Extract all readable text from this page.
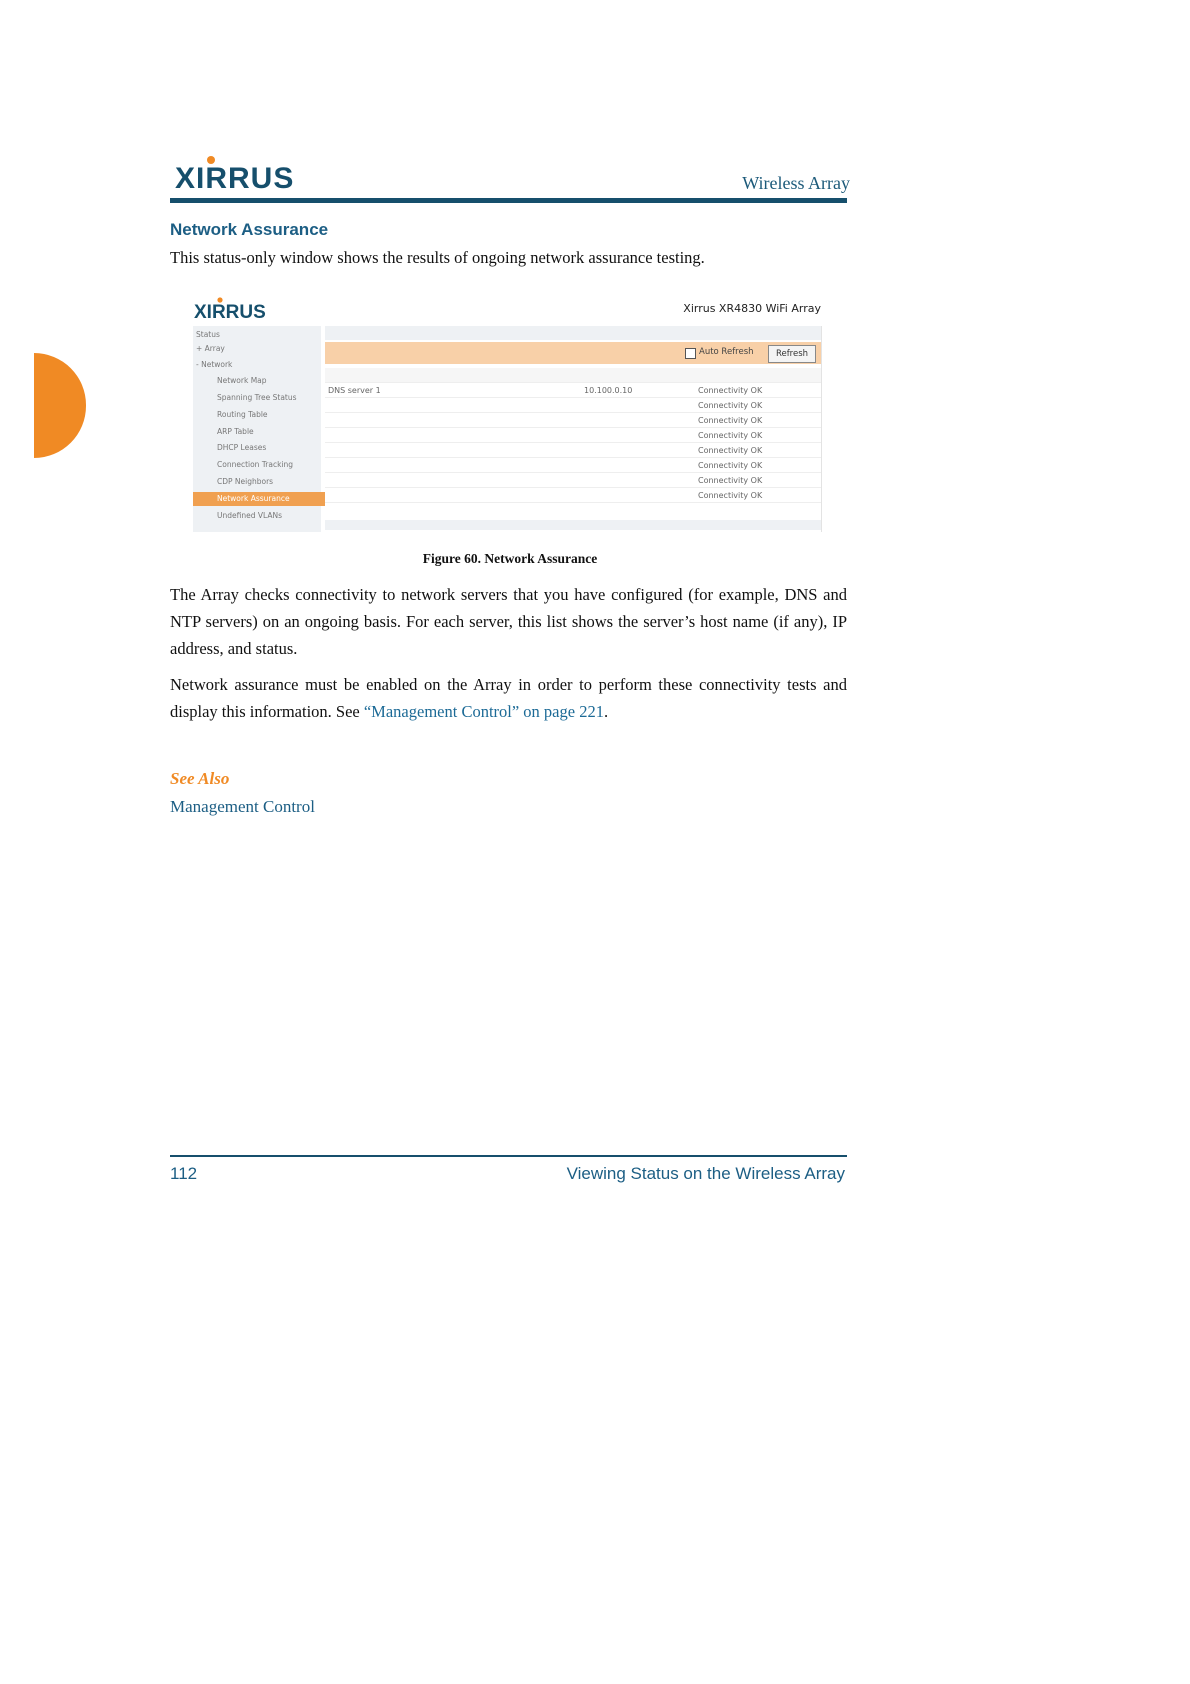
XIRRUS	Wireless Array
Network Assurance
This status-only window shows the results of ongoing network assurance testing.
XIRRUS	Xirrus XR4830 WiFi Array
Status
+ Array
- Network
Network Map
Spanning Tree Status
Routing Table
ARP Table
DHCP Leases
Connection Tracking
CDP Neighbors
Network Assurance
Undefined VLANs
Auto Refresh	Refresh

DNS server 1		10.100.0.10	Connectivity OK
			Connectivity OK
			Connectivity OK
			Connectivity OK
			Connectivity OK
			Connectivity OK
			Connectivity OK
			Connectivity OK
Figure 60. Network Assurance
The Array checks connectivity to network servers that you have configured (for example, DNS and NTP servers) on an ongoing basis. For each server, this list shows the server’s host name (if any), IP address, and status.
Network assurance must be enabled on the Array in order to perform these connectivity tests and display this information. See “Management Control” on page 221.
See Also
Management Control
112	Viewing Status on the Wireless Array
